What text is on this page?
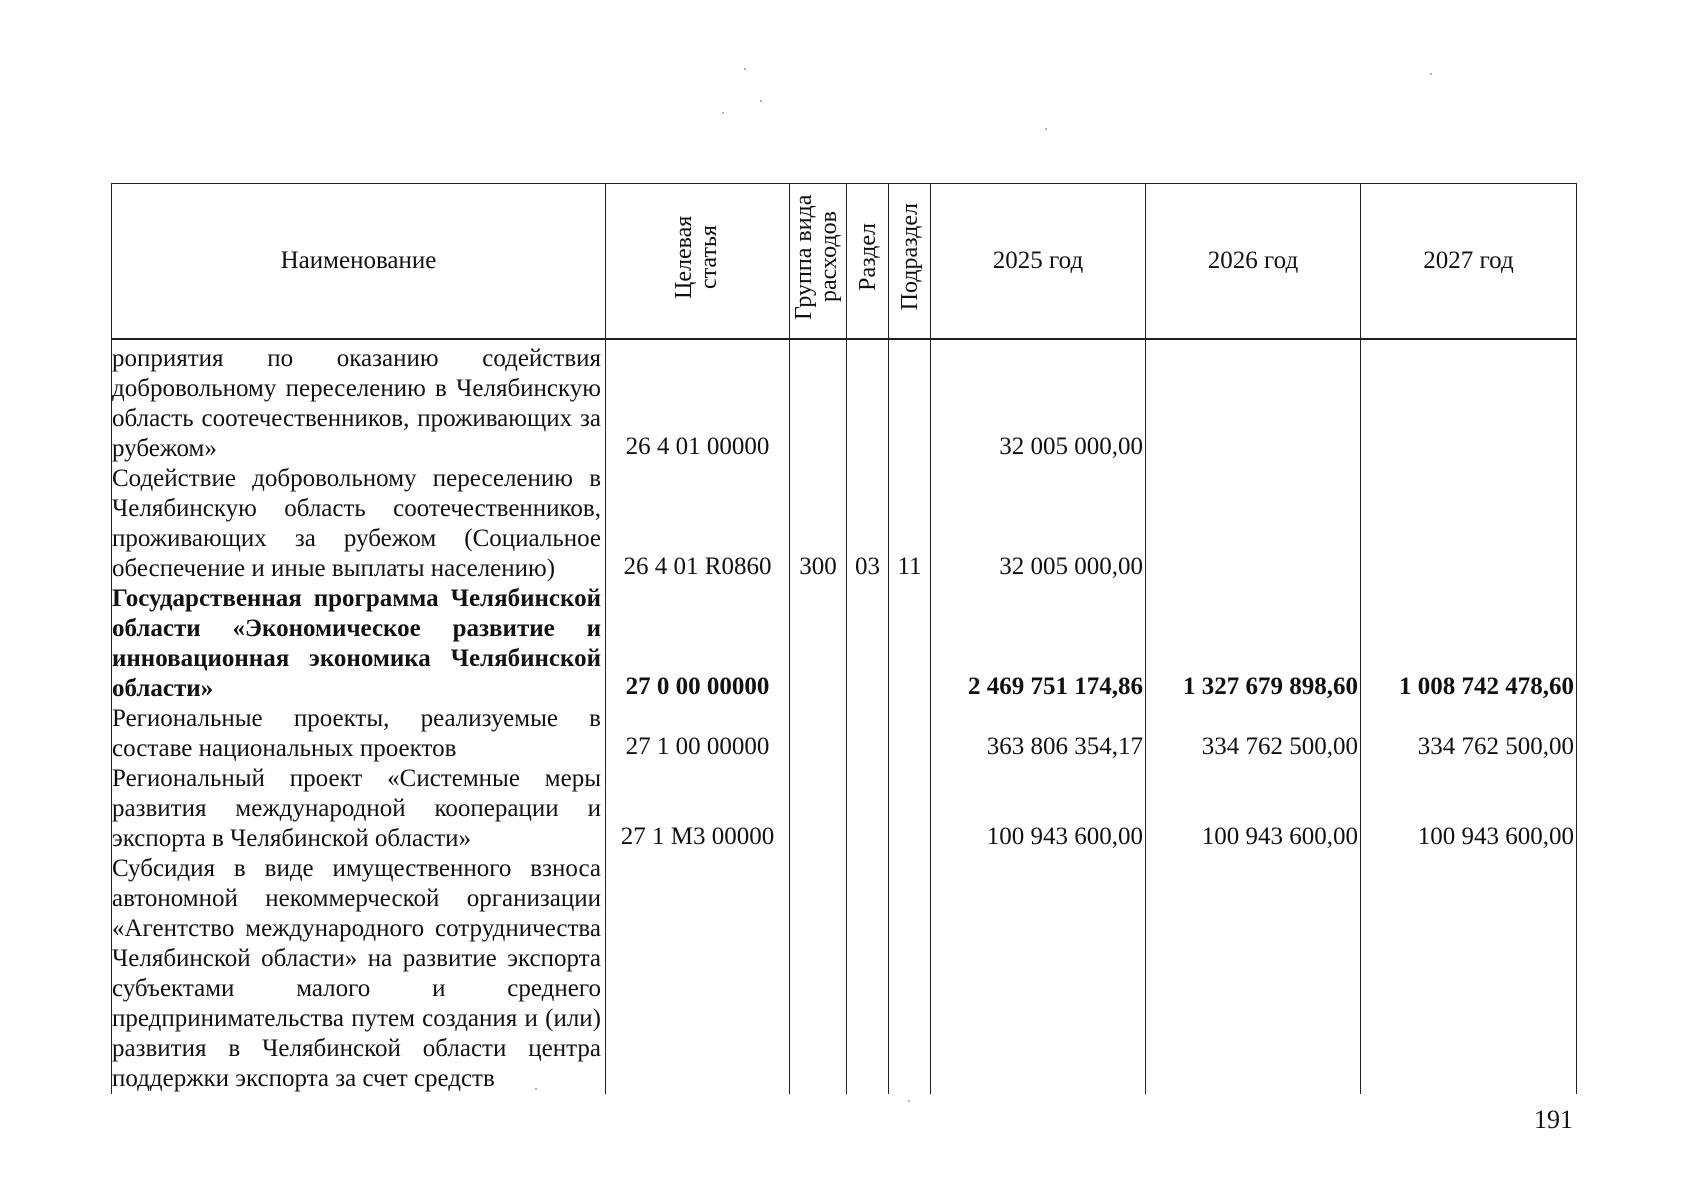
Наименование	Целевая статья	Группа вида расходов	Раздел	Подраздел	2025 год	2026 год	2027 год
роприятия по оказанию содействия добровольному переселению в Челябинскую область соотечественников, проживающих за рубежом»	26 4 01 00000				32 005 000,00		
Содействие добровольному переселению в Челябинскую область соотечественников, проживающих за рубежом (Социальное обеспечение и иные выплаты населению)	26 4 01 R0860	300	03	11	32 005 000,00		
Государственная программа Челябинской области «Экономическое развитие и инновационная экономика Челябинской области»	27 0 00 00000				2 469 751 174,86	1 327 679 898,60	1 008 742 478,60
Региональные проекты, реализуемые в составе национальных проектов	27 1 00 00000				363 806 354,17	334 762 500,00	334 762 500,00
Региональный проект «Системные меры развития международной кооперации и экспорта в Челябинской области»	27 1 М3 00000				100 943 600,00	100 943 600,00	100 943 600,00
Субсидия в виде имущественного взноса автономной некоммерческой организации «Агентство международного сотрудничества Челябинской области» на развитие экспорта субъектами малого и среднего предпринимательства путем создания и (или) развития в Челябинской области центра поддержки экспорта за счет средств							
191
